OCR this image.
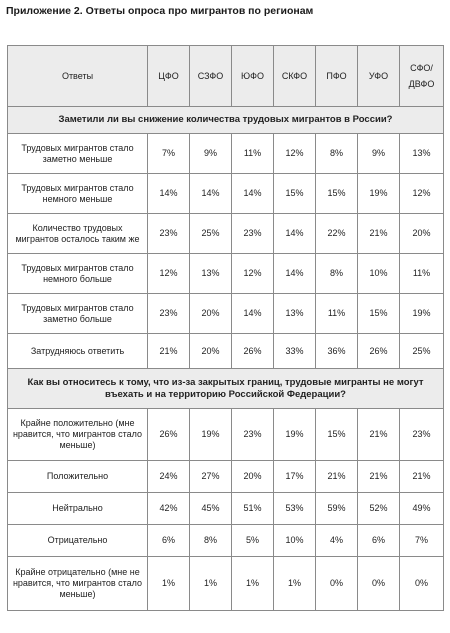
Приложение 2. Ответы опроса про мигрантов по регионам
Ответы	ЦФО	СЗФО	ЮФО	СКФО	ПФО	УФО	СФО/ ДВФО
Заметили ли вы снижение количества трудовых мигрантов в России?							
Трудовых мигрантов стало заметно меньше	7%	9%	11%	12%	8%	9%	13%
Трудовых мигрантов стало немного меньше	14%	14%	14%	15%	15%	19%	12%
Количество трудовых мигрантов осталось таким же	23%	25%	23%	14%	22%	21%	20%
Трудовых мигрантов стало немного больше	12%	13%	12%	14%	8%	10%	11%
Трудовых мигрантов стало заметно больше	23%	20%	14%	13%	11%	15%	19%
Затрудняюсь ответить	21%	20%	26%	33%	36%	26%	25%
Как вы относитесь к тому, что из-за закрытых границ, трудовые мигранты не могут въехать и на территорию Российской Федерации?							
Крайне положительно (мне нравится, что мигрантов стало меньше)	26%	19%	23%	19%	15%	21%	23%
Положительно	24%	27%	20%	17%	21%	21%	21%
Нейтрально	42%	45%	51%	53%	59%	52%	49%
Отрицательно	6%	8%	5%	10%	4%	6%	7%
Крайне отрицательно (мне не нравится, что мигрантов стало меньше)	1%	1%	1%	1%	0%	0%	0%
